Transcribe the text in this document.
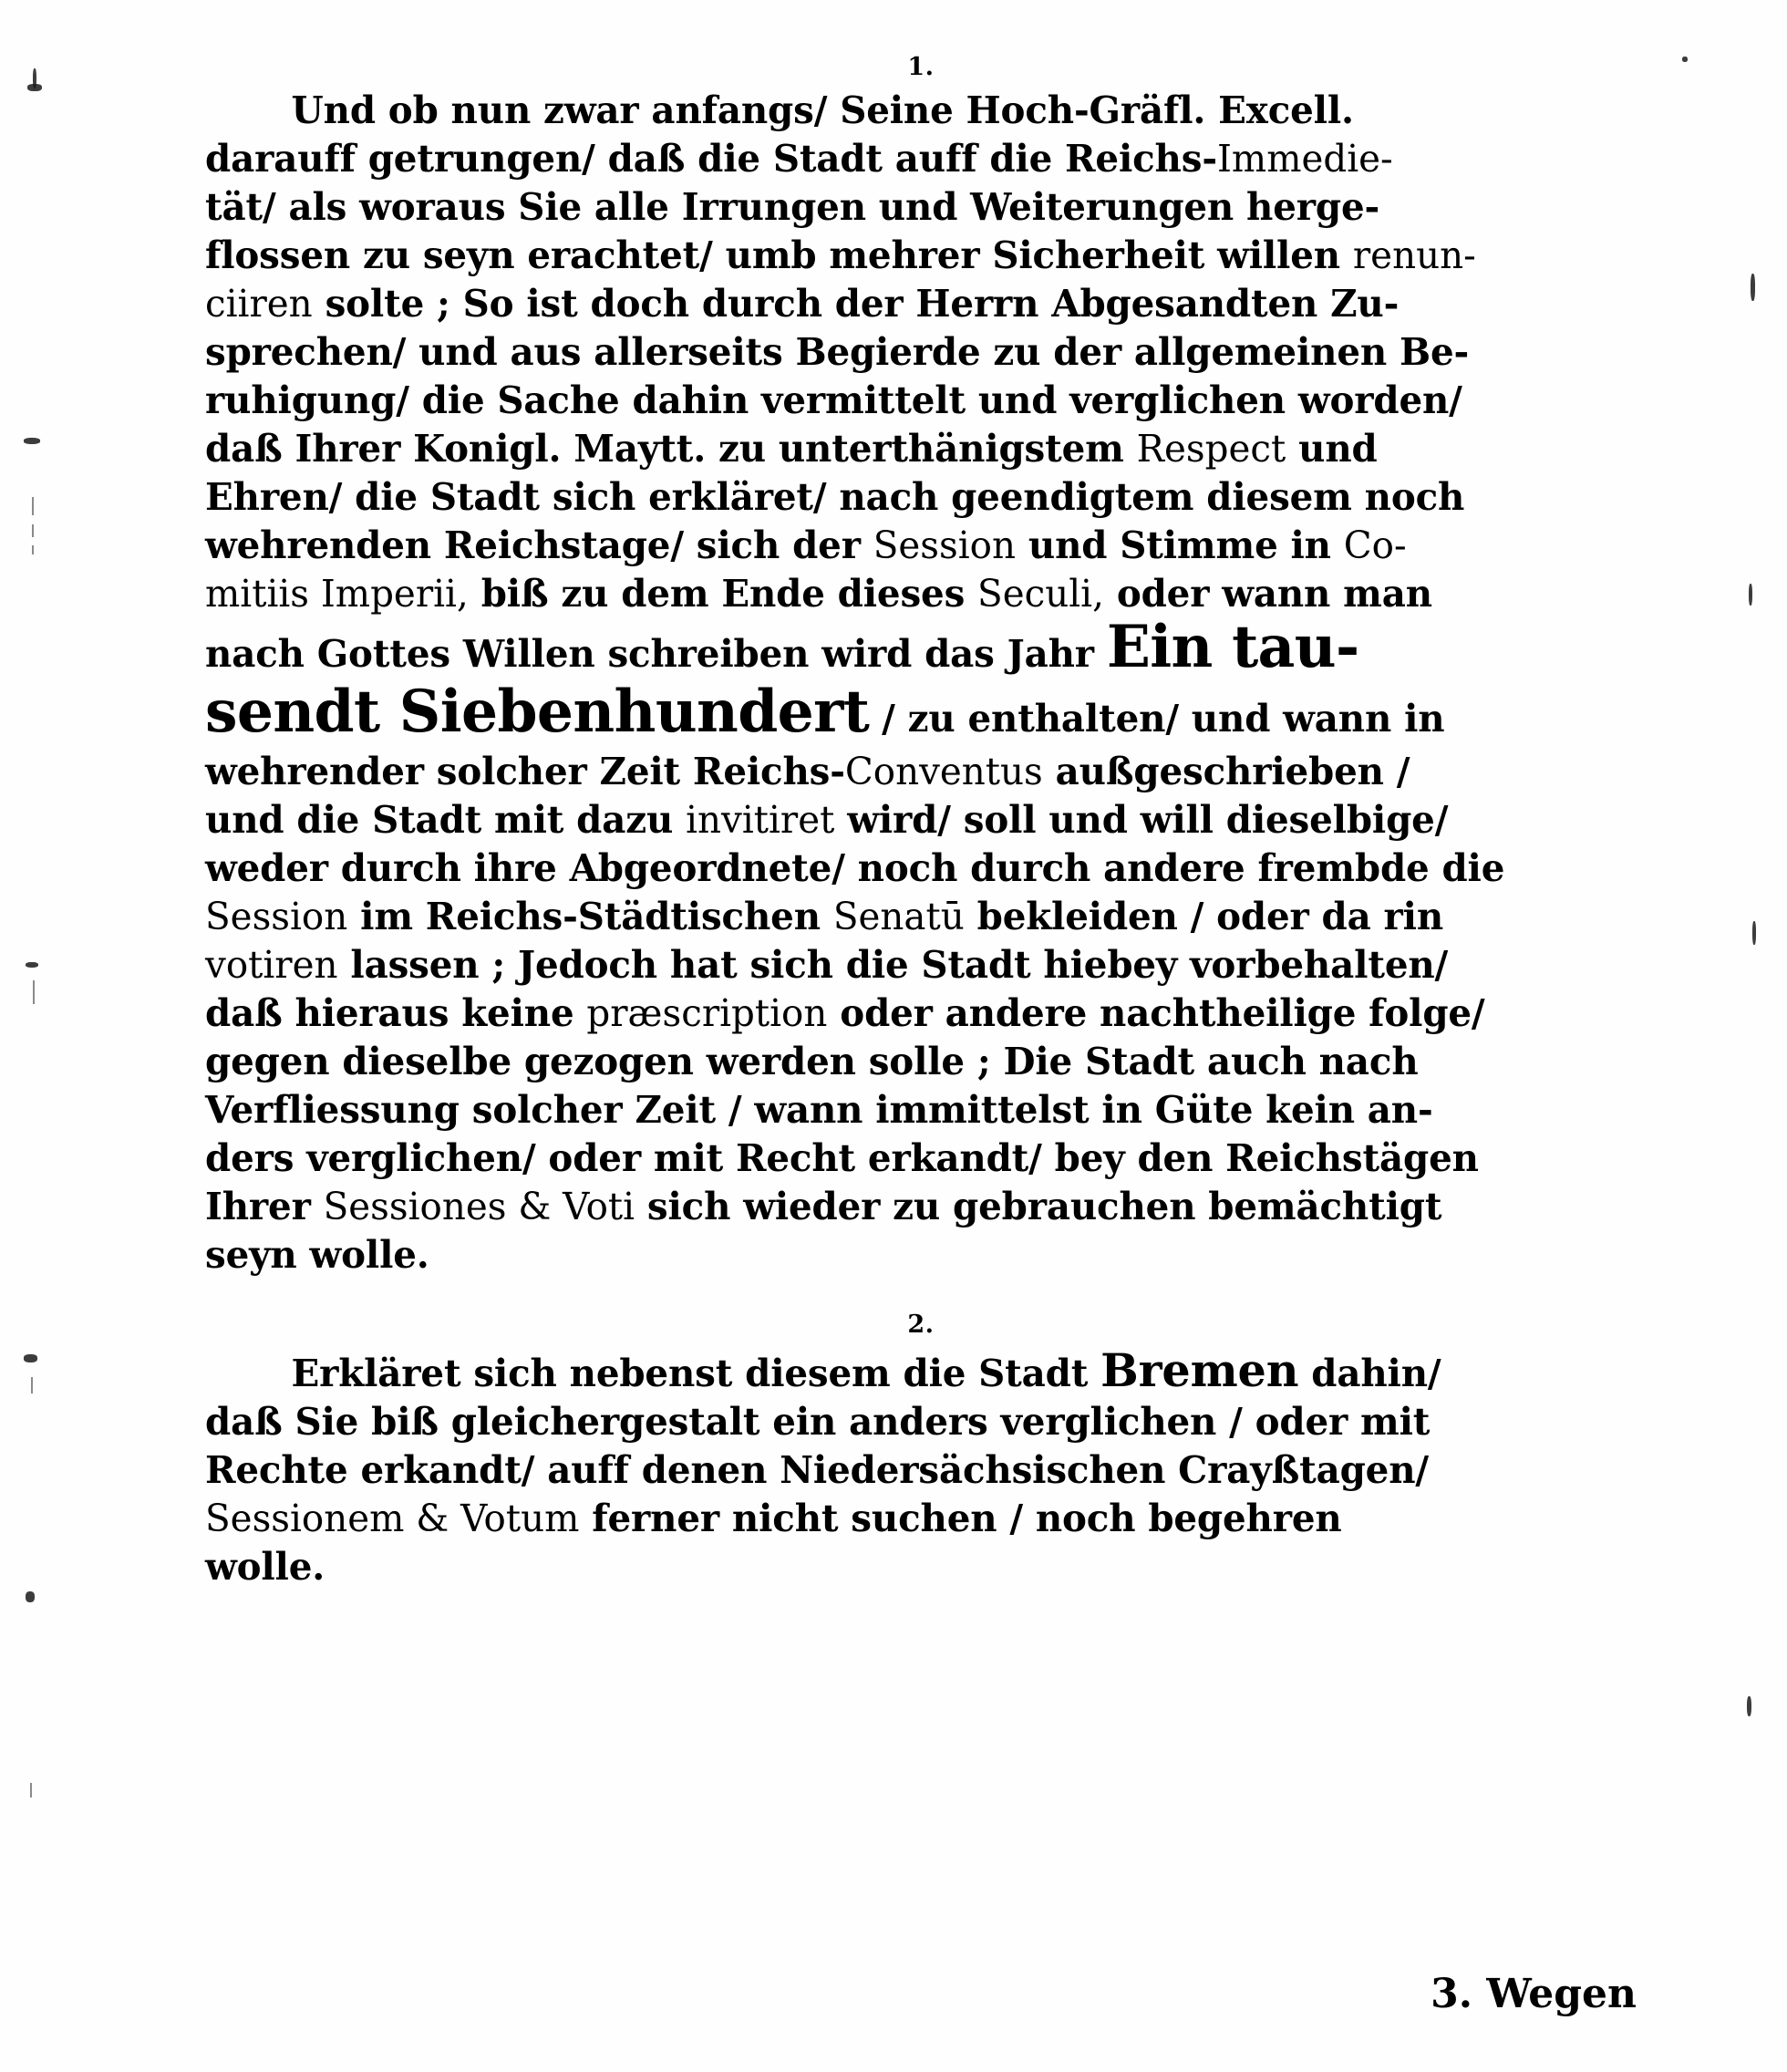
1.
Und ob nun zwar anfangs/ Seine Hoch-Gräfl. Excell.
darauff getrungen/ daß die Stadt auff die Reichs-Immedie-
tät/ als woraus Sie alle Irrungen und Weiterungen herge-
flossen zu seyn erachtet/ umb mehrer Sicherheit willen renun-
ciiren solte ; So ist doch durch der Herrn Abgesandten Zu-
sprechen/ und aus allerseits Begierde zu der allgemeinen Be-
ruhigung/ die Sache dahin vermittelt und verglichen worden/
daß Ihrer Konigl. Maytt. zu unterthänigstem Respect und
Ehren/ die Stadt sich erkläret/ nach geendigtem diesem noch
wehrenden Reichstage/ sich der Session und Stimme in Co-
mitiis Imperii, biß zu dem Ende dieses Seculi, oder wann man
nach Gottes Willen schreiben wird das Jahr Ein tau-
sendt Siebenhundert / zu enthalten/ und wann in
wehrender solcher Zeit Reichs-Conventus außgeschrieben /
und die Stadt mit dazu invitiret wird/ soll und will dieselbige/
weder durch ihre Abgeordnete/ noch durch andere frembde die
Session im Reichs-Städtischen Senatū bekleiden / oder da rin
votiren lassen ; Jedoch hat sich die Stadt hiebey vorbehalten/
daß hieraus keine præscription oder andere nachtheilige folge/
gegen dieselbe gezogen werden solle ; Die Stadt auch nach
Verfliessung solcher Zeit / wann immittelst in Güte kein an-
ders verglichen/ oder mit Recht erkandt/ bey den Reichstägen
Ihrer Sessiones & Voti sich wieder zu gebrauchen bemächtigt
seyn wolle.
2.
Erkläret sich nebenst diesem die Stadt Bremen dahin/
daß Sie biß gleichergestalt ein anders verglichen / oder mit
Rechte erkandt/ auff denen Niedersächsischen Crayßtagen/
Sessionem & Votum ferner nicht suchen / noch begehren
wolle.
3. Wegen
